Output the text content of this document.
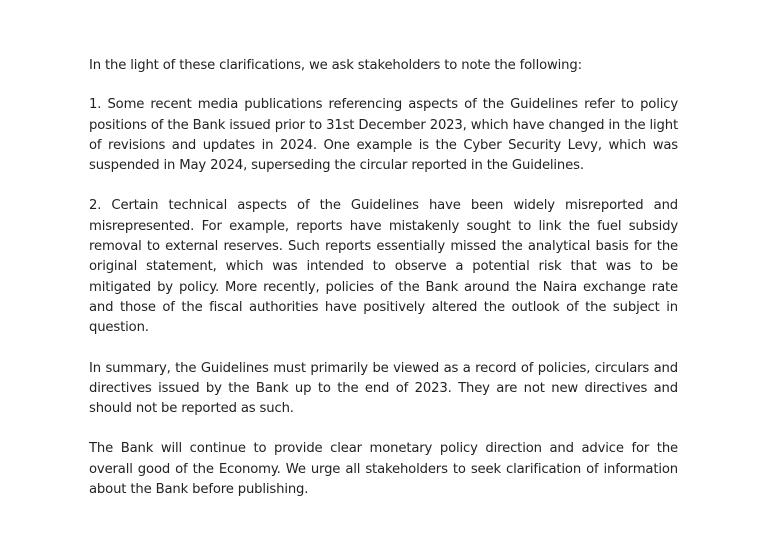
In the light of these clarifications, we ask stakeholders to note the following:

1. Some recent media publications referencing aspects of the Guidelines refer to policy positions of the Bank issued prior to 31st December 2023, which have changed in the light of revisions and updates in 2024. One example is the Cyber Security Levy, which was suspended in May 2024, superseding the circular reported in the Guidelines.

2. Certain technical aspects of the Guidelines have been widely misreported and misrepresented. For example, reports have mistakenly sought to link the fuel subsidy removal to external reserves. Such reports essentially missed the analytical basis for the original statement, which was intended to observe a potential risk that was to be mitigated by policy. More recently, policies of the Bank around the Naira exchange rate and those of the fiscal authorities have positively altered the outlook of the subject in question.

In summary, the Guidelines must primarily be viewed as a record of policies, circulars and directives issued by the Bank up to the end of 2023. They are not new directives and should not be reported as such.

The Bank will continue to provide clear monetary policy direction and advice for the overall good of the Economy. We urge all stakeholders to seek clarification of information about the Bank before publishing.
